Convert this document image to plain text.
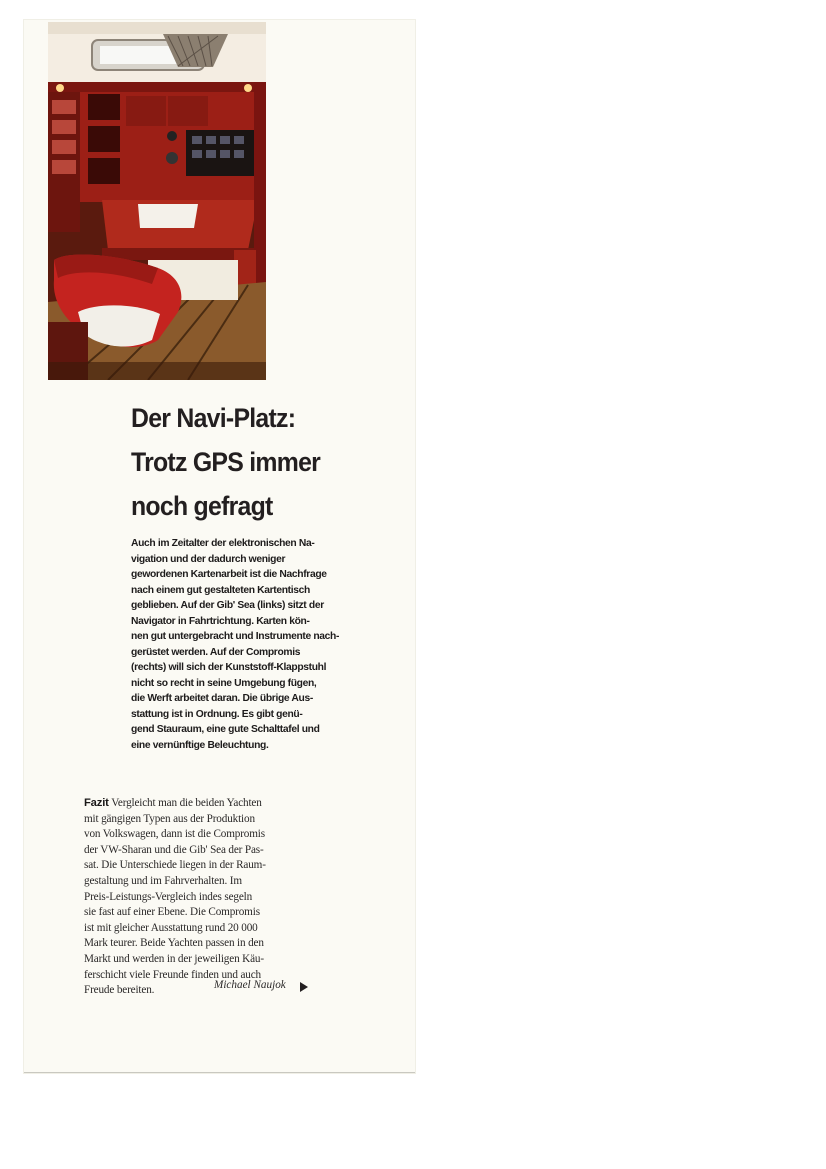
Der Navi-Platz:
Trotz GPS immer
noch gefragt

Auch im Zeitalter der elektronischen Na-
vigation und der dadurch weniger
gewordenen Kartenarbeit ist die Nachfrage
nach einem gut gestalteten Kartentisch
geblieben. Auf der Gib' Sea (links) sitzt der
Navigator in Fahrtrichtung. Karten kön-
nen gut untergebracht und Instrumente nach-
gerüstet werden. Auf der Compromis
(rechts) will sich der Kunststoff-Klappstuhl
nicht so recht in seine Umgebung fügen,
die Werft arbeitet daran. Die übrige Aus-
stattung ist in Ordnung. Es gibt genü-
gend Stauraum, eine gute Schalttafel und
eine vernünftige Beleuchtung.

Fazit Vergleicht man die beiden Yachten
mit gängigen Typen aus der Produktion
von Volkswagen, dann ist die Compromis
der VW-Sharan und die Gib' Sea der Pas-
sat. Die Unterschiede liegen in der Raum-
gestaltung und im Fahrverhalten. Im
Preis-Leistungs-Vergleich indes segeln
sie fast auf einer Ebene. Die Compromis
ist mit gleicher Ausstattung rund 20 000
Mark teurer. Beide Yachten passen in den
Markt und werden in der jeweiligen Käu-
ferschicht viele Freunde finden und auch
Freude bereiten.	Michael Naujok
